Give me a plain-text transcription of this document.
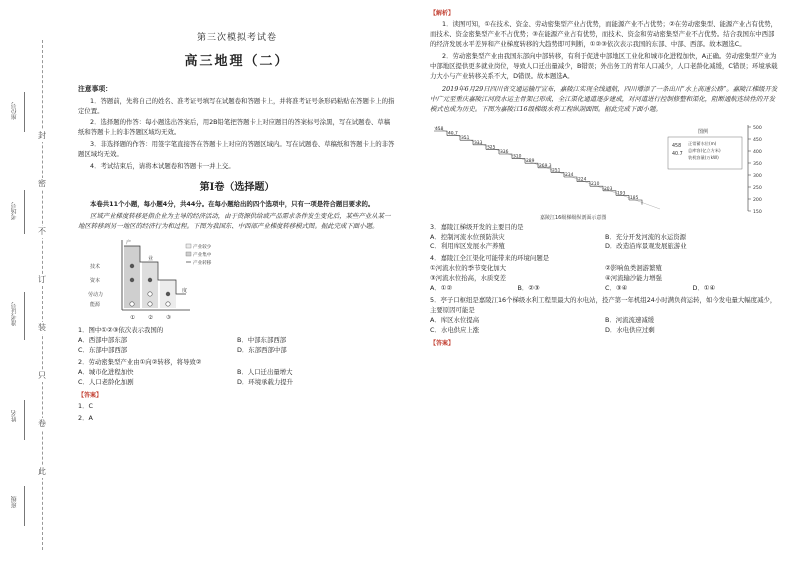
封
密
不
订
装
只
卷
此
座位号
考场号
准考证号
姓名
班级
第三次模拟考试卷
高三地理（二）
注意事项：
1．答题前，先将自己的姓名、准考证号填写在试题卷和答题卡上，并将准考证号条形码粘贴在答题卡上的指定位置。
2．选择题的作答：每小题选出答案后，用2B铅笔把答题卡上对应题目的答案标号涂黑，写在试题卷、草稿纸和答题卡上的非答题区域均无效。
3．非选择题的作答：用签字笔直接答在答题卡上对应的答题区域内。写在试题卷、草稿纸和答题卡上的非答题区域均无效。
4．考试结束后，请将本试题卷和答题卡一并上交。
第Ⅰ卷（选择题）
本卷共11个小题，每小题4分，共44分。在每小题给出的四个选项中，只有一项是符合题目要求的。
区域产业梯度转移是指企业为主导的经济活动，由于资源供给或产品需求条件发生变化后，某些产业从某一地区转移到另一地区的经济行为和过程。下图为我国东、中西部产业梯度转移模式图。据此完成下面小题。
产
业
度
技术
资本
劳动力
能源
① ② ③
产业较少
产业集中
产业转移
1．图中①②③依次表示我国的
A．西部中部东部	B．中部东部西部
C．东部中部西部	D．东部西部中部
2．劳动密集型产业由①向②转移，将导致②
A．城市化进程加快	B．人口迁出量增大
C．人口老龄化加剧	D．环境承载力提升
【答案】
1．C
2．A
【解析】
1．读图可知，①在技术、资金、劳动密集型产业占优势，而能源产业不占优势；②在劳动密集型、能源产业占有优势，而技术、资金密集型产业不占优势；③在能源产业占有优势，而技术、资金和劳动密集型产业不占优势。结合我国东中西部的经济发展水平差异和产业梯度转移的大趋势即可判断，①②③依次表示我国的东部、中部、西部。故本题选C。
2．劳动密集型产业由我国东部向中部转移，有利于促进中部地区工业化和城市化进程加快，A正确。劳动密集型产业为中部地区提供更多就业岗位，导致人口迁出量减少，B错误；外出务工的青年人口减少，人口老龄化减缓，C错误；环境承载力大小与产业转移关系不大，D错误。故本题选A。
2019年6月29日四川省交通运输厅宣布，嘉陵江实现全线通航，四川增添了一条出川“水上高速公路”。嘉陵江梯级开发中广元至重庆嘉陵江河段水运主骨架已形成，全江渠化通道逐步建成，对河道进行控制修整和渠化，阻断通航连续性的开发模式也成为历史。下图为嘉陵江16级梯级水利工程纵剖面图。据此完成下面小题。
500
450
400
350
300
250
200
150
458
40.7
351
333
325
336
310
289
269.3
251
234
224
210
203
193
185
图例
458
40.7
正常蓄水位(m)
总库容(亿立方米)
装机容量(万kW)
嘉陵江16级梯级纵剖面示意图
3．嘉陵江梯级开发的主要目的是
A．控制河流水位预防洪灾	B．充分开发河流的水运资源
C．利用库区发展水产养殖	D．改造沿库景观发展旅游业
4．嘉陵江全江渠化可能带来的环境问题是
①河流水位的季节变化加大	②影响鱼类洄游繁殖
③河流水位抬高，水质变差	④河流输沙能力增强
A．①②	B．②③	C．③④	D．①④
5．亭子口枢纽是嘉陵江16个梯级水利工程里最大的水电站，投产第一年机组24小时满负荷运转，如今发电量大幅度减少，主要原因可能是
A．库区水位提高	B．河流流速减缓
C．水电供应上涨	D．水电供应过剩
【答案】
